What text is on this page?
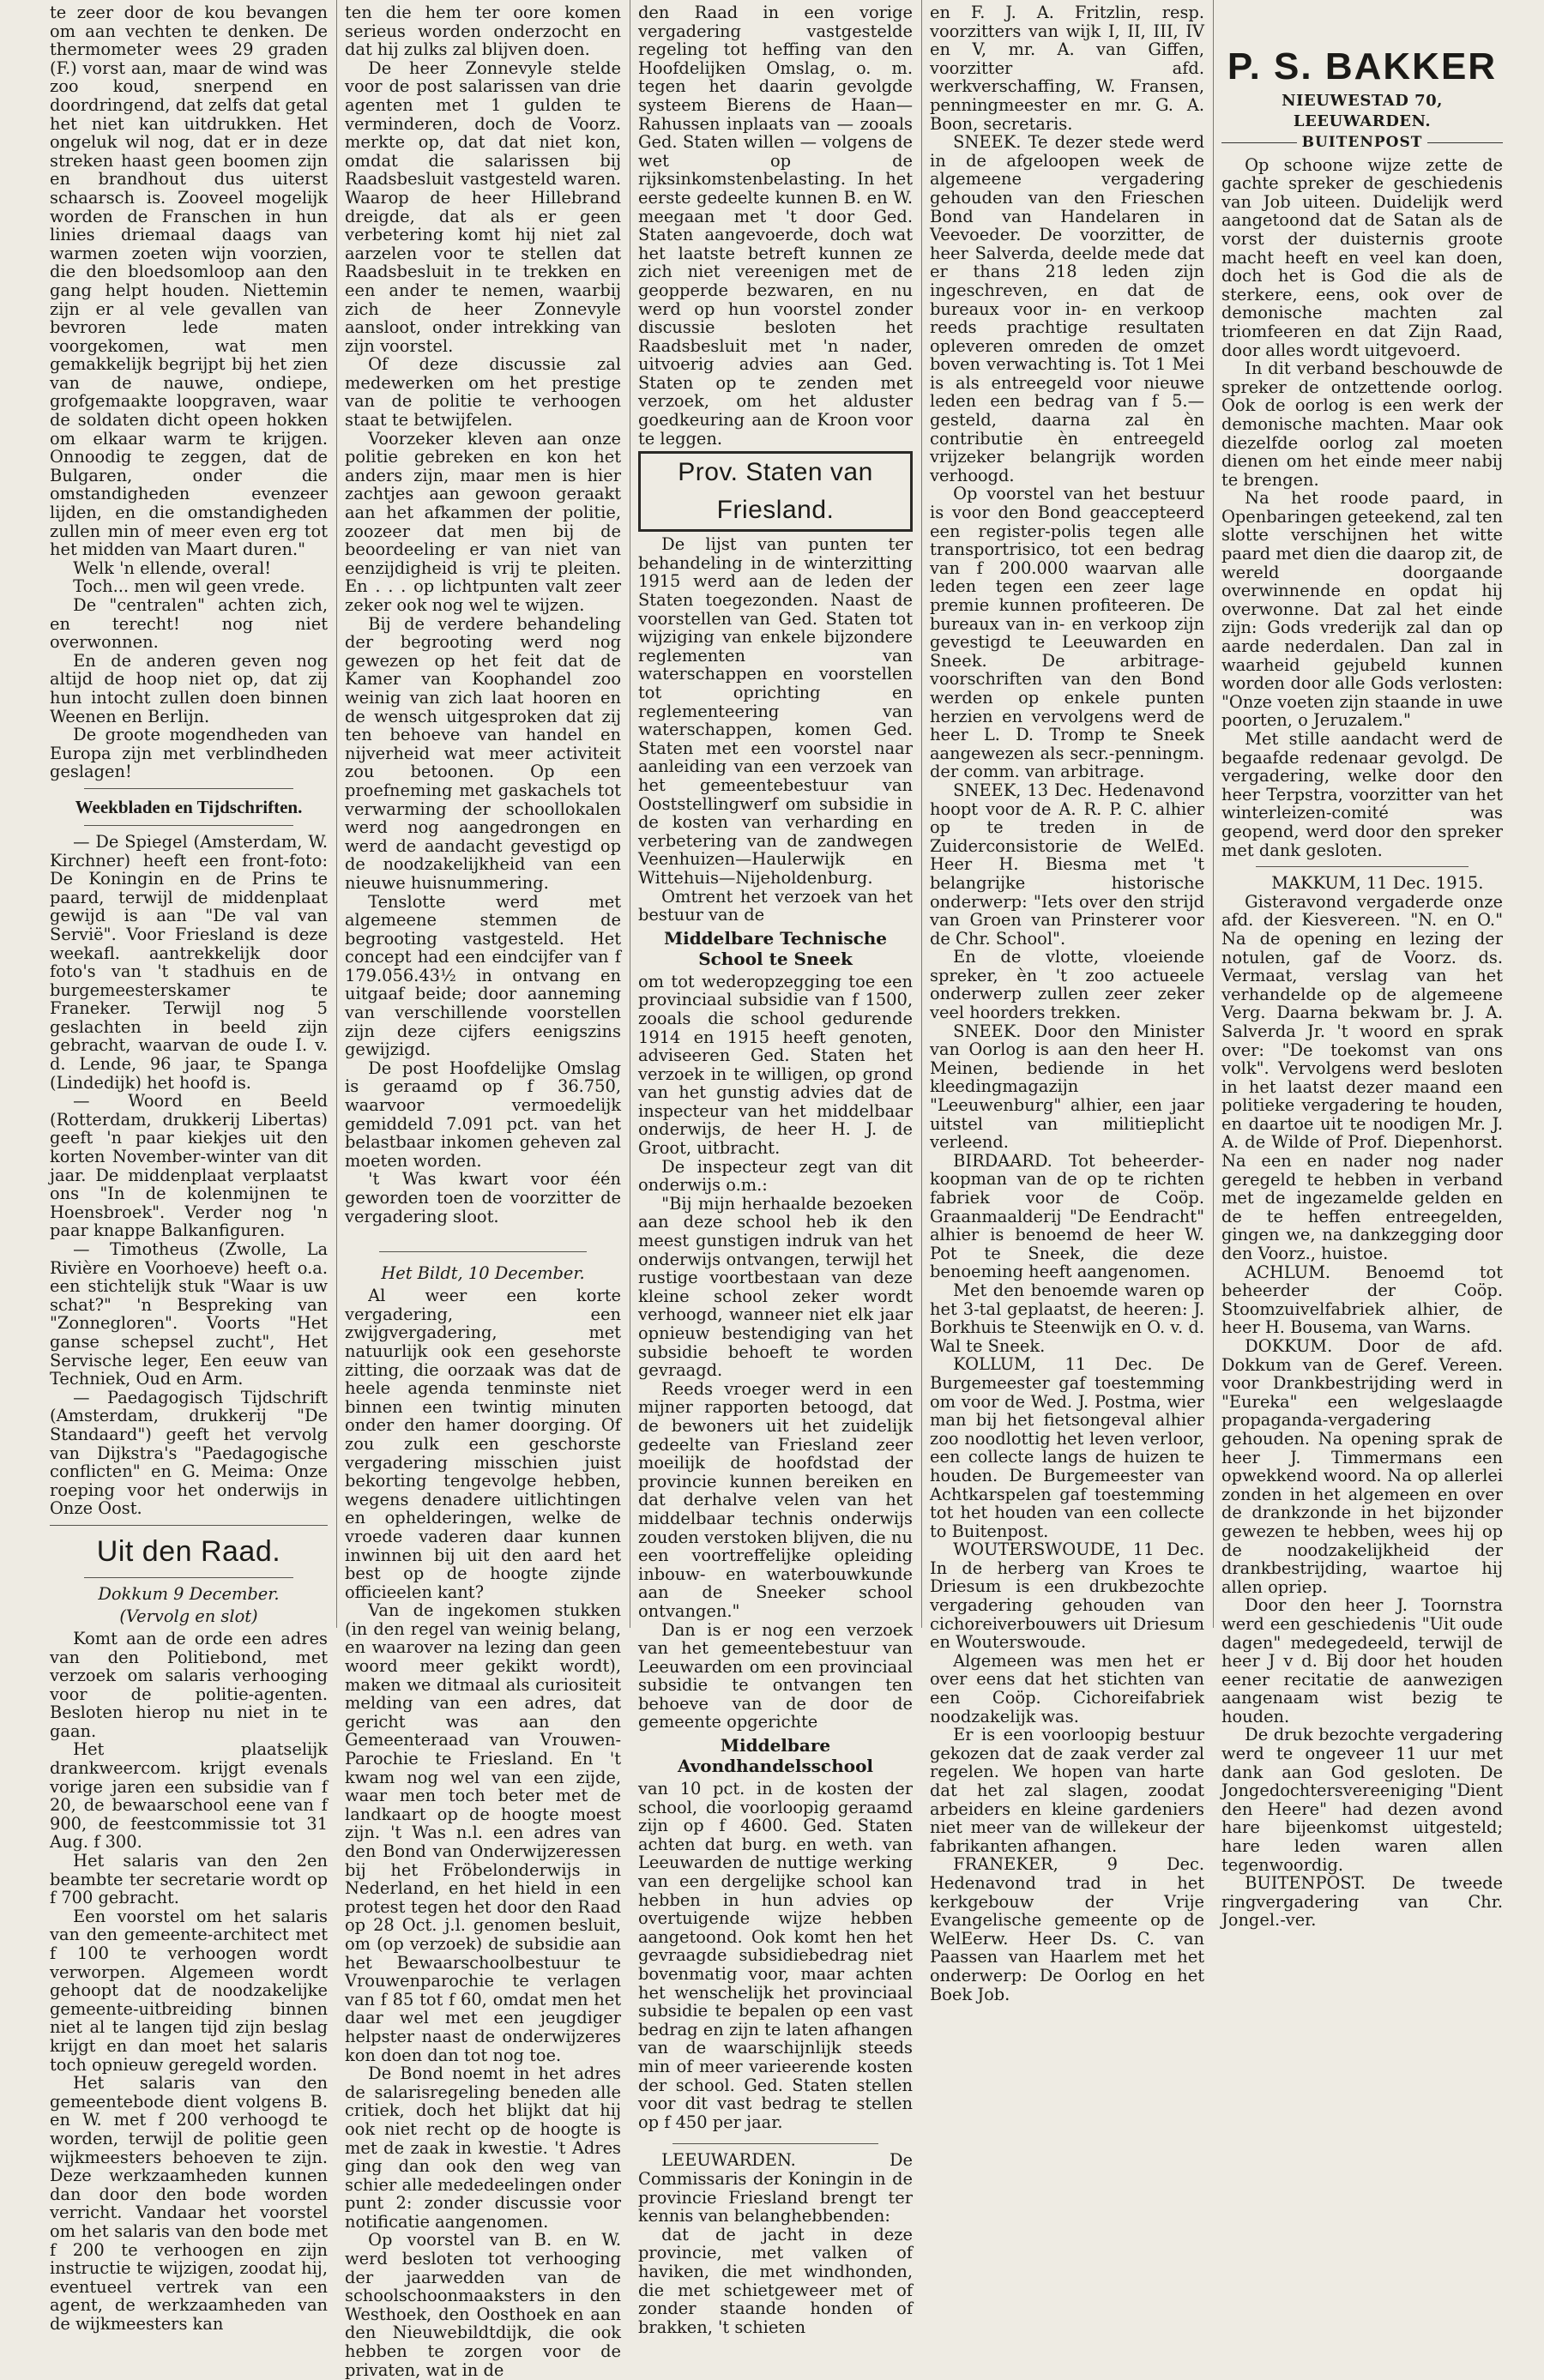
te zeer door de kou bevangen om aan vechten te denken. De thermometer wees 29 graden (F.) vorst aan, maar de wind was zoo koud, snerpend en doordringend, dat zelfs dat getal het niet kan uitdrukken. Het ongeluk wil nog, dat er in deze streken haast geen boomen zijn en brandhout dus uiterst schaarsch is. Zooveel mogelijk worden de Franschen in hun linies driemaal daags van warmen zoeten wijn voorzien, die den bloedsomloop aan den gang helpt houden. Niettemin zijn er al vele gevallen van bevroren lede maten voorgekomen, wat men gemakkelijk begrijpt bij het zien van de nauwe, ondiepe, grofgemaakte loopgraven, waar de soldaten dicht opeen hokken om elkaar warm te krijgen. Onnoodig te zeggen, dat de Bulgaren, onder die omstandigheden evenzeer lijden, en die omstandigheden zullen min of meer even erg tot het midden van Maart duren."

Welk 'n ellende, overal!

Toch... men wil geen vrede.

De "centralen" achten zich, en terecht! nog niet overwonnen.

En de anderen geven nog altijd de hoop niet op, dat zij hun intocht zullen doen binnen Weenen en Berlijn.

De groote mogendheden van Europa zijn met verblindheden geslagen!

Weekbladen en Tijdschriften.

— De Spiegel (Amsterdam, W. Kirchner) heeft een front-foto: De Koningin en de Prins te paard, terwijl de middenplaat gewijd is aan "De val van Servië". Voor Friesland is deze weekafl. aantrekkelijk door foto's van 't stadhuis en de burgemeesterskamer te Franeker. Terwijl nog 5 geslachten in beeld zijn gebracht, waarvan de oude I. v. d. Lende, 96 jaar, te Spanga (Lindedijk) het hoofd is.

— Woord en Beeld (Rotterdam, drukkerij Libertas) geeft 'n paar kiekjes uit den korten November-winter van dit jaar. De middenplaat verplaatst ons "In de kolenmijnen te Hoensbroek". Verder nog 'n paar knappe Balkanfiguren.

— Timotheus (Zwolle, La Rivière en Voorhoeve) heeft o.a. een stichtelijk stuk "Waar is uw schat?" 'n Bespreking van "Zonnegloren". Voorts "Het ganse schepsel zucht", Het Servische leger, Een eeuw van Techniek, Oud en Arm.

— Paedagogisch Tijdschrift (Amsterdam, drukkerij "De Standaard") geeft het vervolg van Dijkstra's "Paedagogische conflicten" en G. Meima: Onze roeping voor het onderwijs in Onze Oost.

Uit den Raad.
Dokkum 9 December.
(Vervolg en slot)

Komt aan de orde een adres van den Politiebond, met verzoek om salaris verhooging voor de politie-agenten. Besloten hierop nu niet in te gaan.

Het plaatselijk drankweercom. krijgt evenals vorige jaren een subsidie van f 20, de bewaarschool eene van f 900, de feestcommissie tot 31 Aug. f 300.

Het salaris van den 2en beambte ter secretarie wordt op f 700 gebracht.

Een voorstel om het salaris van den gemeente-architect met f 100 te verhoogen wordt verworpen. Algemeen wordt gehoopt dat de noodzakelijke gemeente-uitbreiding binnen niet al te langen tijd zijn beslag krijgt en dan moet het salaris toch opnieuw geregeld worden.

Het salaris van den gemeentebode dient volgens B. en W. met f 200 verhoogd te worden, terwijl de politie geen wijkmeesters behoeven te zijn. Deze werkzaamheden kunnen dan door den bode worden verricht. Vandaar het voorstel om het salaris van den bode met f 200 te verhoogen en zijn instructie te wijzigen, zoodat hij, eventueel vertrek van een agent, de werkzaamheden van de wijkmeesters kan

ten die hem ter oore komen serieus worden onderzocht en dat hij zulks zal blijven doen.

De heer Zonnevyle stelde voor de post salarissen van drie agenten met 1 gulden te verminderen, doch de Voorz. merkte op, dat dat niet kon, omdat die salarissen bij Raadsbesluit vastgesteld waren. Waarop de heer Hillebrand dreigde, dat als er geen verbetering komt hij niet zal aarzelen voor te stellen dat Raadsbesluit in te trekken en een ander te nemen, waarbij zich de heer Zonnevyle aansloot, onder intrekking van zijn voorstel.

Of deze discussie zal medewerken om het prestige van de politie te verhoogen staat te betwijfelen.

Voorzeker kleven aan onze politie gebreken en kon het anders zijn, maar men is hier zachtjes aan gewoon geraakt aan het afkammen der politie, zoozeer dat men bij de beoordeeling er van niet van eenzijdigheid is vrij te pleiten. En . . . op lichtpunten valt zeer zeker ook nog wel te wijzen.

Bij de verdere behandeling der begrooting werd nog gewezen op het feit dat de Kamer van Koophandel zoo weinig van zich laat hooren en de wensch uitgesproken dat zij ten behoeve van handel en nijverheid wat meer activiteit zou betoonen. Op een proefneming met gaskachels tot verwarming der schoollokalen werd nog aangedrongen en werd de aandacht gevestigd op de noodzakelijkheid van een nieuwe huisnummering.

Tenslotte werd met algemeene stemmen de begrooting vastgesteld. Het concept had een eindcijfer van f 179.056.43½ in ontvang en uitgaaf beide; door aanneming van verschillende voorstellen zijn deze cijfers eenigszins gewijzigd.

De post Hoofdelijke Omslag is geraamd op f 36.750, waarvoor vermoedelijk gemiddeld 7.091 pct. van het belastbaar inkomen geheven zal moeten worden.

't Was kwart voor één geworden toen de voorzitter de vergadering sloot.

Het Bildt, 10 December.

Al weer een korte vergadering, een zwijgvergadering, met natuurlijk ook een gesehorste zitting, die oorzaak was dat de heele agenda tenminste niet binnen een twintig minuten onder den hamer doorging. Of zou zulk een geschorste vergadering misschien juist bekorting tengevolge hebben, wegens denadere uitlichtingen en ophelderingen, welke de vroede vaderen daar kunnen inwinnen bij uit den aard het best op de hoogte zijnde officieelen kant?

Van de ingekomen stukken (in den regel van weinig belang, en waarover na lezing dan geen woord meer gekikt wordt), maken we ditmaal als curiositeit melding van een adres, dat gericht was aan den Gemeenteraad van Vrouwen-Parochie te Friesland. En 't kwam nog wel van een zijde, waar men toch beter met de landkaart op de hoogte moest zijn. 't Was n.l. een adres van den Bond van Onderwijzeressen bij het Fröbelonderwijs in Nederland, en het hield in een protest tegen het door den Raad op 28 Oct. j.l. genomen besluit, om (op verzoek) de subsidie aan het Bewaarschoolbestuur te Vrouwenparochie te verlagen van f 85 tot f 60, omdat men het daar wel met een jeugdiger helpster naast de onderwijzeres kon doen dan tot nog toe.

De Bond noemt in het adres de salarisregeling beneden alle critiek, doch het blijkt dat hij ook niet recht op de hoogte is met de zaak in kwestie. 't Adres ging dan ook den weg van schier alle mededeelingen onder punt 2: zonder discussie voor notificatie aangenomen.

Op voorstel van B. en W. werd besloten tot verhooging der jaarwedden van de schoolschoonmaaksters in den Westhoek, den Oosthoek en aan den Nieuwebildtdijk, die ook hebben te zorgen voor de privaten, wat in de

den Raad in een vorige vergadering vastgestelde regeling tot heffing van den Hoofdelijken Omslag, o. m. tegen het daarin gevolgde systeem Bierens de Haan—Rahussen inplaats van — zooals Ged. Staten willen — volgens de wet op de rijksinkomstenbelasting. In het eerste gedeelte kunnen B. en W. meegaan met 't door Ged. Staten aangevoerde, doch wat het laatste betreft kunnen ze zich niet vereenigen met de geopperde bezwaren, en nu werd op hun voorstel zonder discussie besloten het Raadsbesluit met 'n nader, uitvoerig advies aan Ged. Staten op te zenden met verzoek, om het alduster goedkeuring aan de Kroon voor te leggen.

Prov. Staten van Friesland.

De lijst van punten ter behandeling in de winterzitting 1915 werd aan de leden der Staten toegezonden. Naast de voorstellen van Ged. Staten tot wijziging van enkele bijzondere reglementen van waterschappen en voorstellen tot oprichting en reglementeering van waterschappen, komen Ged. Staten met een voorstel naar aanleiding van een verzoek van het gemeentebestuur van Ooststellingwerf om subsidie in de kosten van verharding en verbetering van de zandwegen Veenhuizen—Haulerwijk en Wittehuis—Nijeholdenburg.

Omtrent het verzoek van het bestuur van de

Middelbare Technische School te Sneek

om tot wederopzegging toe een provinciaal subsidie van f 1500, zooals die school gedurende 1914 en 1915 heeft genoten, adviseeren Ged. Staten het verzoek in te willigen, op grond van het gunstig advies dat de inspecteur van het middelbaar onderwijs, de heer H. J. de Groot, uitbracht.

De inspecteur zegt van dit onderwijs o.m.:

"Bij mijn herhaalde bezoeken aan deze school heb ik den meest gunstigen indruk van het onderwijs ontvangen, terwijl het rustige voortbestaan van deze kleine school zeker wordt verhoogd, wanneer niet elk jaar opnieuw bestendiging van het subsidie behoeft te worden gevraagd.

Reeds vroeger werd in een mijner rapporten betoogd, dat de bewoners uit het zuidelijk gedeelte van Friesland zeer moeilijk de hoofdstad der provincie kunnen bereiken en dat derhalve velen van het middelbaar technis onderwijs zouden verstoken blijven, die nu een voortreffelijke opleiding inbouw- en waterbouwkunde aan de Sneeker school ontvangen."

Dan is er nog een verzoek van het gemeentebestuur van Leeuwarden om een provinciaal subsidie te ontvangen ten behoeve van de door de gemeente opgerichte

Middelbare Avondhandelsschool

van 10 pct. in de kosten der school, die voorloopig geraamd zijn op f 4600. Ged. Staten achten dat burg. en weth. van Leeuwarden de nuttige werking van een dergelijke school kan hebben in hun advies op overtuigende wijze hebben aangetoond. Ook komt hen het gevraagde subsidiebedrag niet bovenmatig voor, maar achten het wenschelijk het provinciaal subsidie te bepalen op een vast bedrag en zijn te laten afhangen van de waarschijnlijk steeds min of meer varieerende kosten der school. Ged. Staten stellen voor dit vast bedrag te stellen op f 450 per jaar.

LEEUWARDEN. De Commissaris der Koningin in de provincie Friesland brengt ter kennis van belanghebbenden:

dat de jacht in deze provincie, met valken of haviken, die met windhonden, die met schietgeweer met of zonder staande honden of brakken, 't schieten

en F. J. A. Fritzlin, resp. voorzitters van wijk I, II, III, IV en V, mr. A. van Giffen, voorzitter afd. werkverschaffing, W. Fransen, penningmeester en mr. G. A. Boon, secretaris.

SNEEK. Te dezer stede werd in de afgeloopen week de algemeene vergadering gehouden van den Frieschen Bond van Handelaren in Veevoeder. De voorzitter, de heer Salverda, deelde mede dat er thans 218 leden zijn ingeschreven, en dat de bureaux voor in- en verkoop reeds prachtige resultaten opleveren omreden de omzet boven verwachting is. Tot 1 Mei is als entreegeld voor nieuwe leden een bedrag van f 5.— gesteld, daarna zal èn contributie èn entreegeld vrijzeker belangrijk worden verhoogd.

Op voorstel van het bestuur is voor den Bond geaccepteerd een register-polis tegen alle transportrisico, tot een bedrag van f 200.000 waarvan alle leden tegen een zeer lage premie kunnen profiteeren. De bureaux van in- en verkoop zijn gevestigd te Leeuwarden en Sneek. De arbitrage-voorschriften van den Bond werden op enkele punten herzien en vervolgens werd de heer L. D. Tromp te Sneek aangewezen als secr.-penningm. der comm. van arbitrage.

SNEEK, 13 Dec. Hedenavond hoopt voor de A. R. P. C. alhier op te treden in de Zuiderconsistorie de WelEd. Heer H. Biesma met 't belangrijke historische onderwerp: "Iets over den strijd van Groen van Prinsterer voor de Chr. School".

En de vlotte, vloeiende spreker, èn 't zoo actueele onderwerp zullen zeer zeker veel hoorders trekken.

SNEEK. Door den Minister van Oorlog is aan den heer H. Meinen, bediende in het kleedingmagazijn "Leeuwenburg" alhier, een jaar uitstel van militieplicht verleend.

BIRDAARD. Tot beheerder-koopman van de op te richten fabriek voor de Coöp. Graanmaalderij "De Eendracht" alhier is benoemd de heer W. Pot te Sneek, die deze benoeming heeft aangenomen.

Met den benoemde waren op het 3-tal geplaatst, de heeren: J. Borkhuis te Steenwijk en O. v. d. Wal te Sneek.

KOLLUM, 11 Dec. De Burgemeester gaf toestemming om voor de Wed. J. Postma, wier man bij het fietsongeval alhier zoo noodlottig het leven verloor, een collecte langs de huizen te houden. De Burgemeester van Achtkarspelen gaf toestemming tot het houden van een collecte to Buitenpost.

WOUTERSWOUDE, 11 Dec. In de herberg van Kroes te Driesum is een drukbezochte vergadering gehouden van cichoreiverbouwers uit Driesum en Wouterswoude.

Algemeen was men het er over eens dat het stichten van een Coöp. Cichoreifabriek noodzakelijk was.

Er is een voorloopig bestuur gekozen dat de zaak verder zal regelen. We hopen van harte dat het zal slagen, zoodat arbeiders en kleine gardeniers niet meer van de willekeur der fabrikanten afhangen.

FRANEKER, 9 Dec. Hedenavond trad in het kerkgebouw der Vrije Evangelische gemeente op de WelEerw. Heer Ds. C. van Paassen van Haarlem met het onderwerp: De Oorlog en het Boek Job.

P. S. BAKKER
NIEUWESTAD 70, LEEUWARDEN.
BUITENPOST

Op schoone wijze zette de gachte spreker de geschiedenis van Job uiteen. Duidelijk werd aangetoond dat de Satan als de vorst der duisternis groote macht heeft en veel kan doen, doch het is God die als de sterkere, eens, ook over de demonische machten zal triomfeeren en dat Zijn Raad, door alles wordt uitgevoerd.

In dit verband beschouwde de spreker de ontzettende oorlog. Ook de oorlog is een werk der demonische machten. Maar ook diezelfde oorlog zal moeten dienen om het einde meer nabij te brengen.

Na het roode paard, in Openbaringen geteekend, zal ten slotte verschijnen het witte paard met dien die daarop zit, de wereld doorgaande overwinnende en opdat hij overwonne. Dat zal het einde zijn: Gods vrederijk zal dan op aarde nederdalen. Dan zal in waarheid gejubeld kunnen worden door alle Gods verlosten: "Onze voeten zijn staande in uwe poorten, o Jeruzalem."

Met stille aandacht werd de begaafde redenaar gevolgd. De vergadering, welke door den heer Terpstra, voorzitter van het winterleizen-comité was geopend, werd door den spreker met dank gesloten.

MAKKUM, 11 Dec. 1915.

Gisteravond vergaderde onze afd. der Kiesvereen. "N. en O." Na de opening en lezing der notulen, gaf de Voorz. ds. Vermaat, verslag van het verhandelde op de algemeene Verg. Daarna bekwam br. J. A. Salverda Jr. 't woord en sprak over: "De toekomst van ons volk". Vervolgens werd besloten in het laatst dezer maand een politieke vergadering te houden, en daartoe uit te noodigen Mr. J. A. de Wilde of Prof. Diepenhorst. Na een en nader nog nader geregeld te hebben in verband met de ingezamelde gelden en de te heffen entreegelden, gingen we, na dankzegging door den Voorz., huistoe.

ACHLUM. Benoemd tot beheerder der Coöp. Stoomzuivelfabriek alhier, de heer H. Bousema, van Warns.

DOKKUM. Door de afd. Dokkum van de Geref. Vereen. voor Drankbestrijding werd in "Eureka" een welgeslaagde propaganda-vergadering gehouden. Na opening sprak de heer J. Timmermans een opwekkend woord. Na op allerlei zonden in het algemeen en over de drankzonde in het bijzonder gewezen te hebben, wees hij op de noodzakelijkheid der drankbestrijding, waartoe hij allen opriep.

Door den heer J. Toornstra werd een geschiedenis "Uit oude dagen" medegedeeld, terwijl de heer J v d. Bij door het houden eener recitatie de aanwezigen aangenaam wist bezig te houden.

De druk bezochte vergadering werd te ongeveer 11 uur met dank aan God gesloten. De Jongedochtersvereeniging "Dient den Heere" had dezen avond hare bijeenkomst uitgesteld; hare leden waren allen tegenwoordig.

BUITENPOST. De tweede ringvergadering van Chr. Jongel.-ver.
